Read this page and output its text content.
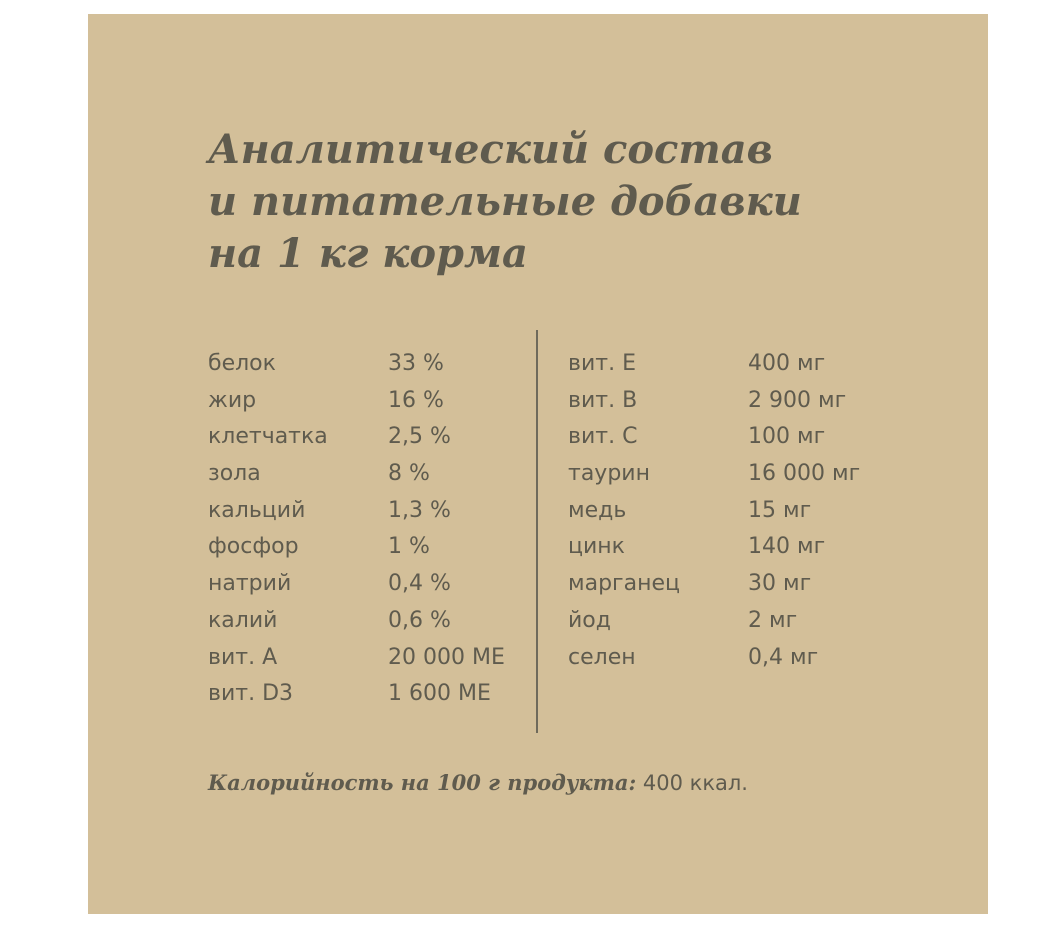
Аналитический состав
и питательные добавки
на 1 кг корма
белок	33 %
жир	16 %
клетчатка	2,5 %
зола	8 %
кальций	1,3 %
фосфор	1 %
натрий	0,4 %
калий	0,6 %
вит. А	20 000 МЕ
вит. D3	1 600 МЕ
вит. Е	400 мг
вит. В	2 900 мг
вит. С	100 мг
таурин	16 000 мг
медь	15 мг
цинк	140 мг
марганец	30 мг
йод	2 мг
селен	0,4 мг
Калорийность на 100 г продукта: 400 ккал.
